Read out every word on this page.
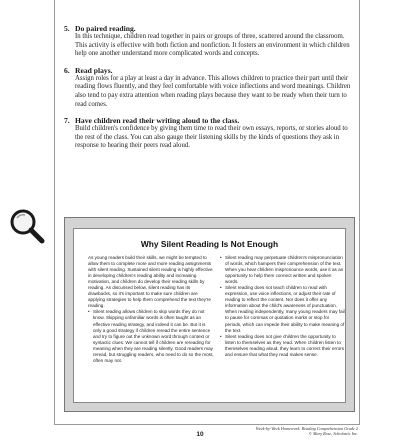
5. Do paired reading.
In this technique, children read together in pairs or groups of three, scattered around the classroom. This activity is effective with both fiction and nonfiction. It fosters an environment in which children help one another understand more complicated words and concepts.
6. Read plays.
Assign roles for a play at least a day in advance. This allows children to practice their part until their reading flows fluently, and they feel comfortable with voice inflections and word meanings. Children also tend to pay extra attention when reading plays because they want to be ready when their turn to read comes.
7. Have children read their writing aloud to the class.
Build children's confidence by giving them time to read their own essays, reports, or stories aloud to the rest of the class. You can also gauge their listening skills by the kinds of questions they ask in response to hearing their peers read aloud.
Why Silent Reading Is Not Enough

As young readers build their skills, we might be tempted to allow them to complete more and more reading assignments with silent reading. Sustained silent reading is highly effective in developing children's reading ability and increasing motivation, and children do develop their reading skills by reading. As discussed below, silent reading has its drawbacks, so it's important to make sure children are applying strategies to help them comprehend the text they're reading.

• Silent reading allows children to skip words they do not know. Skipping unfamiliar words is often taught as an effective reading strategy, and indeed it can be. But it is only a good strategy if children reread the entire sentence and try to figure out the unknown word through context or syntactic clues. We cannot tell if children are rereading for meaning when they are reading silently. Good readers may reread, but struggling readers, who need to do so the most, often may not.

• Silent reading may perpetuate children's mispronunciation of words, which hampers their comprehension of the text. When you hear children mispronounce words, use it as an opportunity to help them connect written and spoken words.

• Silent reading does not teach children to read with expression, use voice inflections, or adjust their rate of reading to reflect the content. Nor does it offer any information about the child's awareness of punctuation. When reading independently, many young readers may fail to pause for commas or quotation marks or stop for periods, which can impede their ability to make meaning of the text.

• Silent reading does not give children the opportunity to listen to themselves as they read. When children listen to themselves reading aloud, they learn to correct their errors and ensure that what they read makes sense.

10
Week-by-Week Homework: Reading Comprehension Grade 2
© Mary Rose, Scholastic Inc.
